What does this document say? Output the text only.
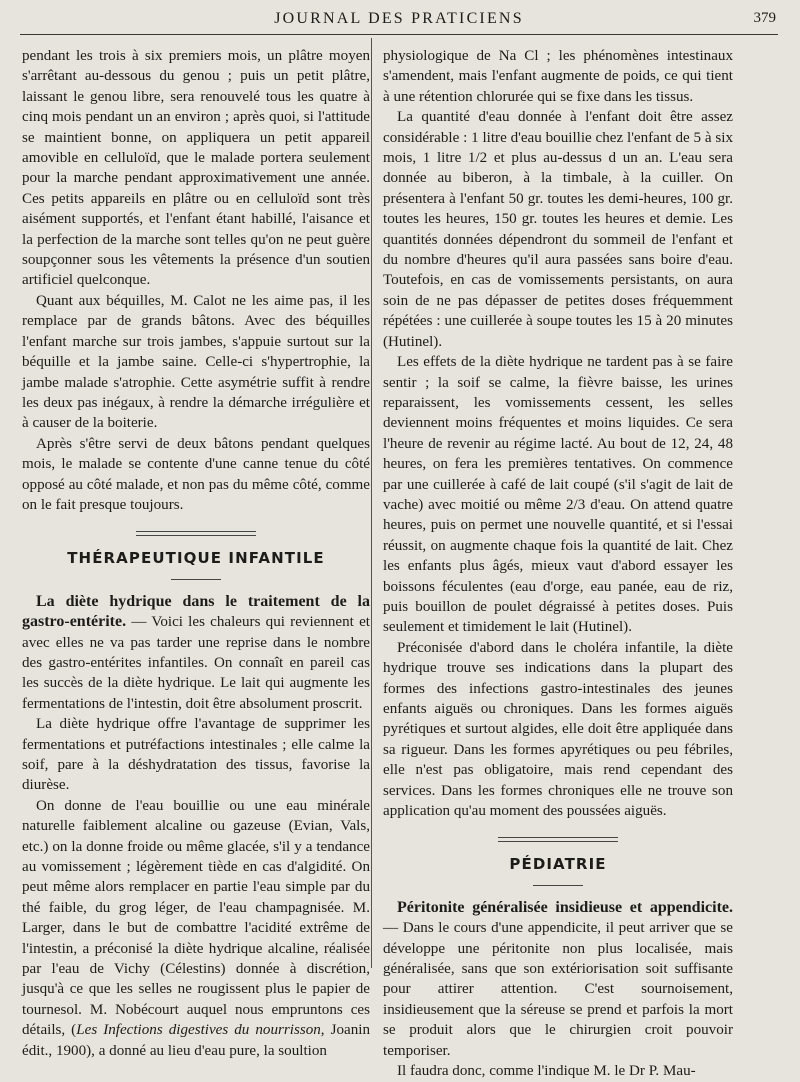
JOURNAL DES PRATICIENS	379

pendant les trois à six premiers mois, un plâtre moyen s'arrêtant au-dessous du genou ; puis un petit plâtre, laissant le genou libre, sera renouvelé tous les quatre à cinq mois pendant un an environ ; après quoi, si l'attitude se maintient bonne, on appliquera un petit appareil amovible en celluloïd, que le malade portera seulement pour la marche pendant approximativement une année. Ces petits appareils en plâtre ou en celluloïd sont très aisément supportés, et l'enfant étant habillé, l'aisance et la perfection de la marche sont telles qu'on ne peut guère soupçonner sous les vêtements la présence d'un soutien artificiel quelconque.

Quant aux béquilles, M. Calot ne les aime pas, il les remplace par de grands bâtons. Avec des béquilles l'enfant marche sur trois jambes, s'appuie surtout sur la béquille et la jambe saine. Celle-ci s'hypertrophie, la jambe malade s'atrophie. Cette asymétrie suffit à rendre les deux pas inégaux, à rendre la démarche irrégulière et à causer de la boiterie.

Après s'être servi de deux bâtons pendant quelques mois, le malade se contente d'une canne tenue du côté opposé au côté malade, et non pas du même côté, comme on le fait presque toujours.

THÉRAPEUTIQUE INFANTILE

La diète hydrique dans le traitement de la gastro-entérite. — Voici les chaleurs qui reviennent et avec elles ne va pas tarder une reprise dans le nombre des gastro-entérites infantiles. On connaît en pareil cas les succès de la diète hydrique. Le lait qui augmente les fermentations de l'intestin, doit être absolument proscrit.

La diète hydrique offre l'avantage de supprimer les fermentations et putréfactions intestinales ; elle calme la soif, pare à la déshydratation des tissus, favorise la diurèse.

On donne de l'eau bouillie ou une eau minérale naturelle faiblement alcaline ou gazeuse (Evian, Vals, etc.) on la donne froide ou même glacée, s'il y a tendance au vomissement ; légèrement tiède en cas d'algidité. On peut même alors remplacer en partie l'eau simple par du thé faible, du grog léger, de l'eau champagnisée. M. Larger, dans le but de combattre l'acidité extrême de l'intestin, a préconisé la diète hydrique alcaline, réalisée par l'eau de Vichy (Célestins) donnée à discrétion, jusqu'à ce que les selles ne rougissent plus le papier de tournesol. M. Nobécourt auquel nous empruntons ces détails, (Les Infections digestives du nourrisson, Joanin édit., 1900), a donné au lieu d'eau pure, la soultion

physiologique de Na Cl ; les phénomènes intestinaux s'amendent, mais l'enfant augmente de poids, ce qui tient à une rétention chlorurée qui se fixe dans les tissus.

La quantité d'eau donnée à l'enfant doit être assez considérable : 1 litre d'eau bouillie chez l'enfant de 5 à six mois, 1 litre 1/2 et plus au-dessus d un an. L'eau sera donnée au biberon, à la timbale, à la cuiller. On présentera à l'enfant 50 gr. toutes les demi-heures, 100 gr. toutes les heures, 150 gr. toutes les heures et demie. Les quantités données dépendront du sommeil de l'enfant et du nombre d'heures qu'il aura passées sans boire d'eau. Toutefois, en cas de vomissements persistants, on aura soin de ne pas dépasser de petites doses fréquemment répétées : une cuillerée à soupe toutes les 15 à 20 minutes (Hutinel).

Les effets de la diète hydrique ne tardent pas à se faire sentir ; la soif se calme, la fièvre baisse, les urines reparaissent, les vomissements cessent, les selles deviennent moins fréquentes et moins liquides. Ce sera l'heure de revenir au régime lacté. Au bout de 12, 24, 48 heures, on fera les premières tentatives. On commence par une cuillerée à café de lait coupé (s'il s'agit de lait de vache) avec moitié ou même 2/3 d'eau. On attend quatre heures, puis on permet une nouvelle quantité, et si l'essai réussit, on augmente chaque fois la quantité de lait. Chez les enfants plus âgés, mieux vaut d'abord essayer les boissons féculentes (eau d'orge, eau panée, eau de riz, puis bouillon de poulet dégraissé à petites doses. Puis seulement et timidement le lait (Hutinel).

Préconisée d'abord dans le choléra infantile, la diète hydrique trouve ses indications dans la plupart des formes des infections gastro-intestinales des jeunes enfants aiguës ou chroniques. Dans les formes aiguës pyrétiques et surtout algides, elle doit être appliquée dans sa rigueur. Dans les formes apyrétiques ou peu fébriles, elle n'est pas obligatoire, mais rend cependant des services. Dans les formes chroniques elle ne trouve son application qu'au moment des poussées aiguës.

PÉDIATRIE

Péritonite généralisée insidieuse et appendicite. — Dans le cours d'une appendicite, il peut arriver que se développe une péritonite non plus localisée, mais généralisée, sans que son extériorisation soit suffisante pour attirer attention. C'est sournoisement, insidieusement que la séreuse se prend et parfois la mort se produit alors que le chirurgien croit pouvoir temporiser.

Il faudra donc, comme l'indique M. le Dr P. Mau-
